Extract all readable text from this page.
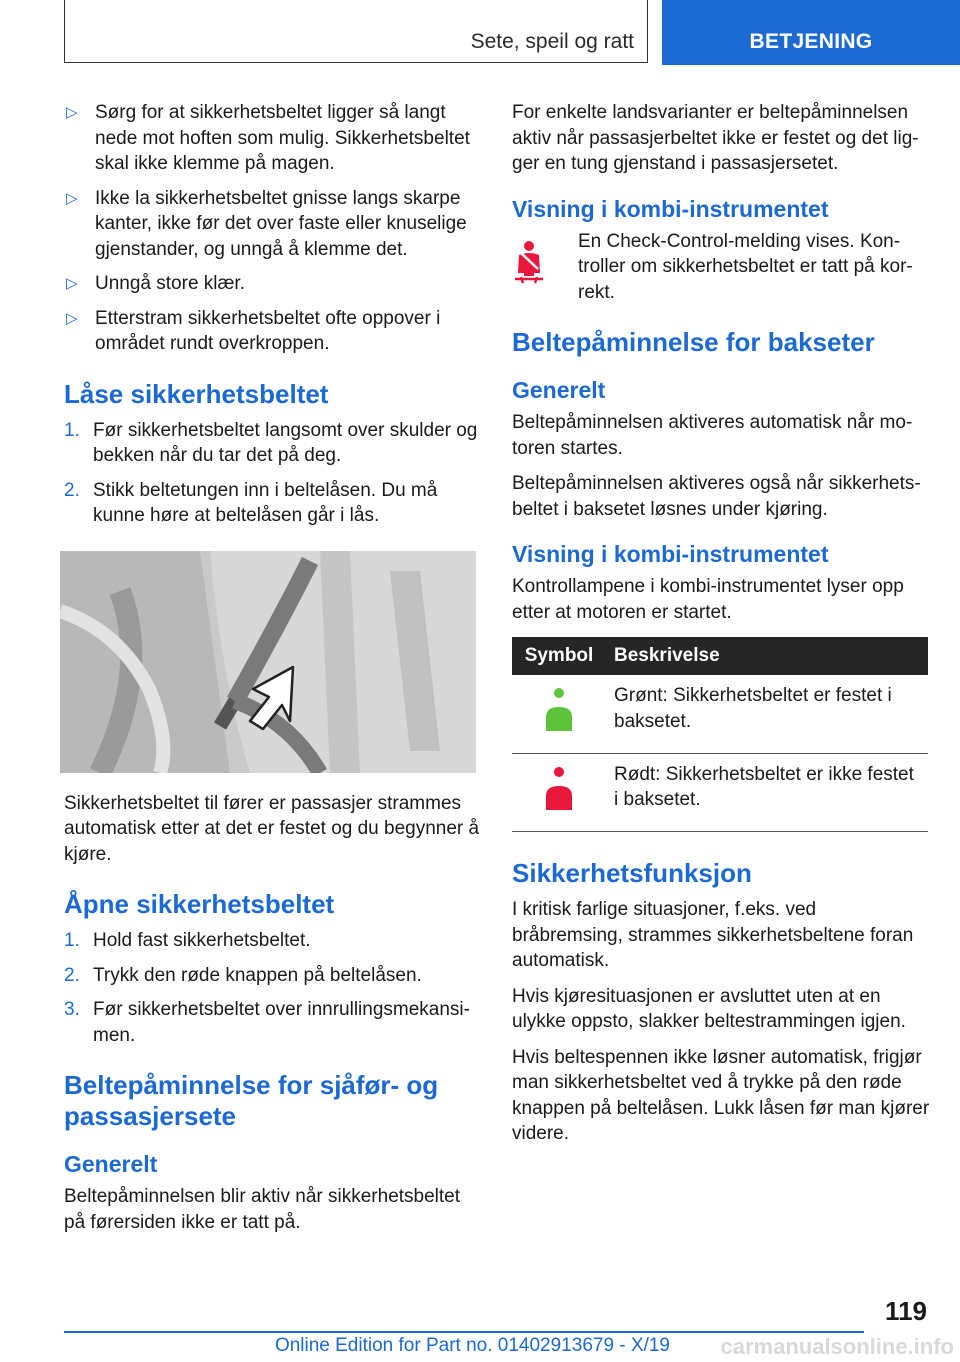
Sete, speil og ratt	BETJENING
▷ Sørg for at sikkerhetsbeltet ligger så langt nede mot hoften som mulig. Sikkerhetsbeltet skal ikke klemme på magen.
▷ Ikke la sikkerhetsbeltet gnisse langs skarpe kanter, ikke før det over faste eller knuselige gjenstander, og unngå å klemme det.
▷ Unngå store klær.
▷ Etterstram sikkerhetsbeltet ofte oppover i området rundt overkroppen.
Låse sikkerhetsbeltet
1. Før sikkerhetsbeltet langsomt over skulder og bekken når du tar det på deg.
2. Stikk beltetungen inn i beltelåsen. Du må kunne høre at beltelåsen går i lås.

Sikkerhetsbeltet til fører er passasjer strammes automatisk etter at det er festet og du begynner å kjøre.

Åpne sikkerhetsbeltet
1. Hold fast sikkerhetsbeltet.
2. Trykk den røde knappen på beltelåsen.
3. Før sikkerhetsbeltet over innrullingsmekansimen.
Beltepåminnelse for sjåfør- og passasjersete
Generelt

Beltepåminnelsen blir aktiv når sikkerhetsbeltet på førersiden ikke er tatt på.

For enkelte landsvarianter er beltepåminnelsen aktiv når passasjerbeltet ikke er festet og det ligger en tung gjenstand i passasjersetet.

Visning i kombi-instrumentet

En Check-Control-melding vises. Kontroller om sikkerhetsbeltet er tatt på korrekt.

Beltepåminnelse for bakseter
Generelt

Beltepåminnelsen aktiveres automatisk når motoren startes.

Beltepåminnelsen aktiveres også når sikkerhetsbeltet i baksetet løsnes under kjøring.

Visning i kombi-instrumentet

Kontrollampene i kombi-instrumentet lyser opp etter at motoren er startet.

Symbol	Beskrivelse
	Grønt: Sikkerhetsbeltet er festet i baksetet.
	Rødt: Sikkerhetsbeltet er ikke festet i baksetet.
Sikkerhetsfunksjon

I kritisk farlige situasjoner, f.eks. ved bråbremsing, strammes sikkerhetsbeltene foran automatisk.

Hvis kjøresituasjonen er avsluttet uten at en ulykke oppsto, slakker beltestrammingen igjen.

Hvis beltespennen ikke løsner automatisk, frigjør man sikkerhetsbeltet ved å trykke på den røde knappen på beltelåsen. Lukk låsen før man kjører videre.

119
Online Edition for Part no. 01402913679 - X/19 carmanualsonline.info
